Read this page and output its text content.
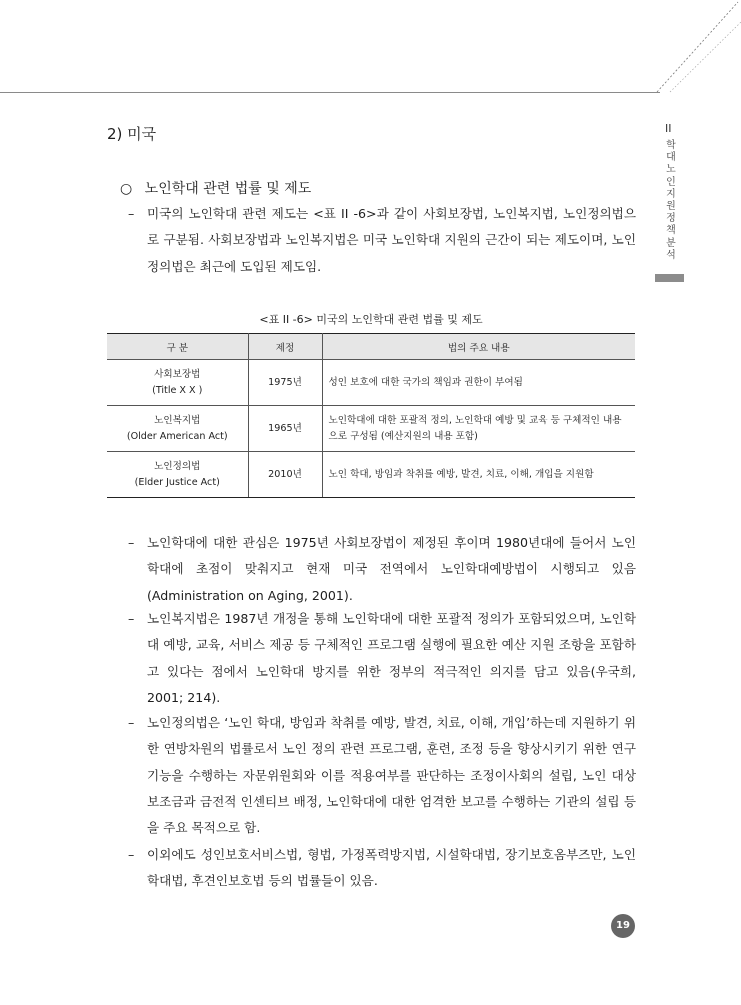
II
학대 노인 지원 정책 분석
2) 미국
○ 노인학대 관련 법률 및 제도
– 미국의 노인학대 관련 제도는 <표 II -6>과 같이 사회보장법, 노인복지법, 노인정의법으로 구분됨. 사회보장법과 노인복지법은 미국 노인학대 지원의 근간이 되는 제도이며, 노인정의법은 최근에 도입된 제도임.
<표 II -6> 미국의 노인학대 관련 법률 및 제도
구 분	제정	법의 주요 내용
사회보장법
(Title X X )	1975년	성인 보호에 대한 국가의 책임과 권한이 부여됨
노인복지법
(Older American Act)	1965년	노인학대에 대한 포괄적 정의, 노인학대 예방 및 교육 등 구체적인 내용으로 구성됨 (예산지원의 내용 포함)
노인정의법
(Elder Justice Act)	2010년	노인 학대, 방임과 착취를 예방, 발견, 치료, 이해, 개입을 지원함
– 노인학대에 대한 관심은 1975년 사회보장법이 제정된 후이며 1980년대에 들어서 노인학대에 초점이 맞춰지고 현재 미국 전역에서 노인학대예방법이 시행되고 있음(Administration on Aging, 2001).
– 노인복지법은 1987년 개정을 통해 노인학대에 대한 포괄적 정의가 포함되었으며, 노인학대 예방, 교육, 서비스 제공 등 구체적인 프로그램 실행에 필요한 예산 지원 조항을 포함하고 있다는 점에서 노인학대 방지를 위한 정부의 적극적인 의지를 담고 있음(우국희, 2001; 214).
– 노인정의법은 ‘노인 학대, 방임과 착취를 예방, 발견, 치료, 이해, 개입’하는데 지원하기 위한 연방차원의 법률로서 노인 정의 관련 프로그램, 훈련, 조정 등을 향상시키기 위한 연구 기능을 수행하는 자문위원회와 이를 적용여부를 판단하는 조정이사회의 설립, 노인 대상 보조금과 금전적 인센티브 배정, 노인학대에 대한 엄격한 보고를 수행하는 기관의 설립 등을 주요 목적으로 함.
– 이외에도 성인보호서비스법, 형법, 가정폭력방지법, 시설학대법, 장기보호옴부즈만, 노인학대법, 후견인보호법 등의 법률들이 있음.
19
